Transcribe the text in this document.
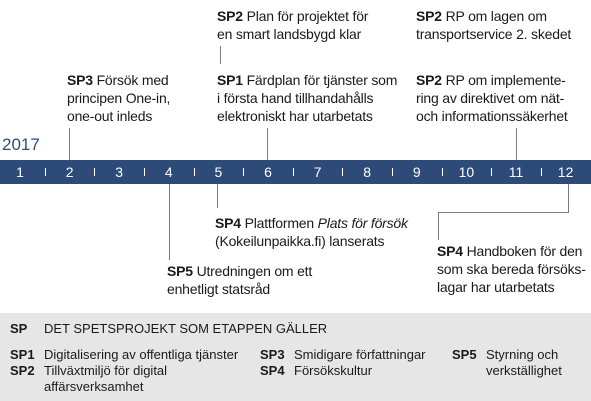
2017
1	2	3	4	5	6	7	8	9	10	11	12
SP2 Plan för projektet för
en smart landsbygd klar
SP3 Försök med
principen One-in,
one-out inleds
SP1 Färdplan för tjänster som
i första hand tillhandahålls
elektroniskt har utarbetats
SP2 RP om lagen om
transportservice 2. skedet
SP2 RP om implemente-
ring av direktivet om nät-
och informationssäkerhet
SP4 Plattformen Plats för försök
(Kokeilunpaikka.fi) lanserats
SP5 Utredningen om ett
enhetligt statsråd
SP4 Handboken för den
som ska bereda försöks-
lagar har utarbetats
SP DET SPETSPROJEKT SOM ETAPPEN GÄLLER
SP1 Digitalisering av offentliga tjänster
SP2 Tillväxtmiljö för digital
affärsverksamhet
SP3 Smidigare författningar
SP4 Försökskultur
SP5 Styrning och
verkställighet
